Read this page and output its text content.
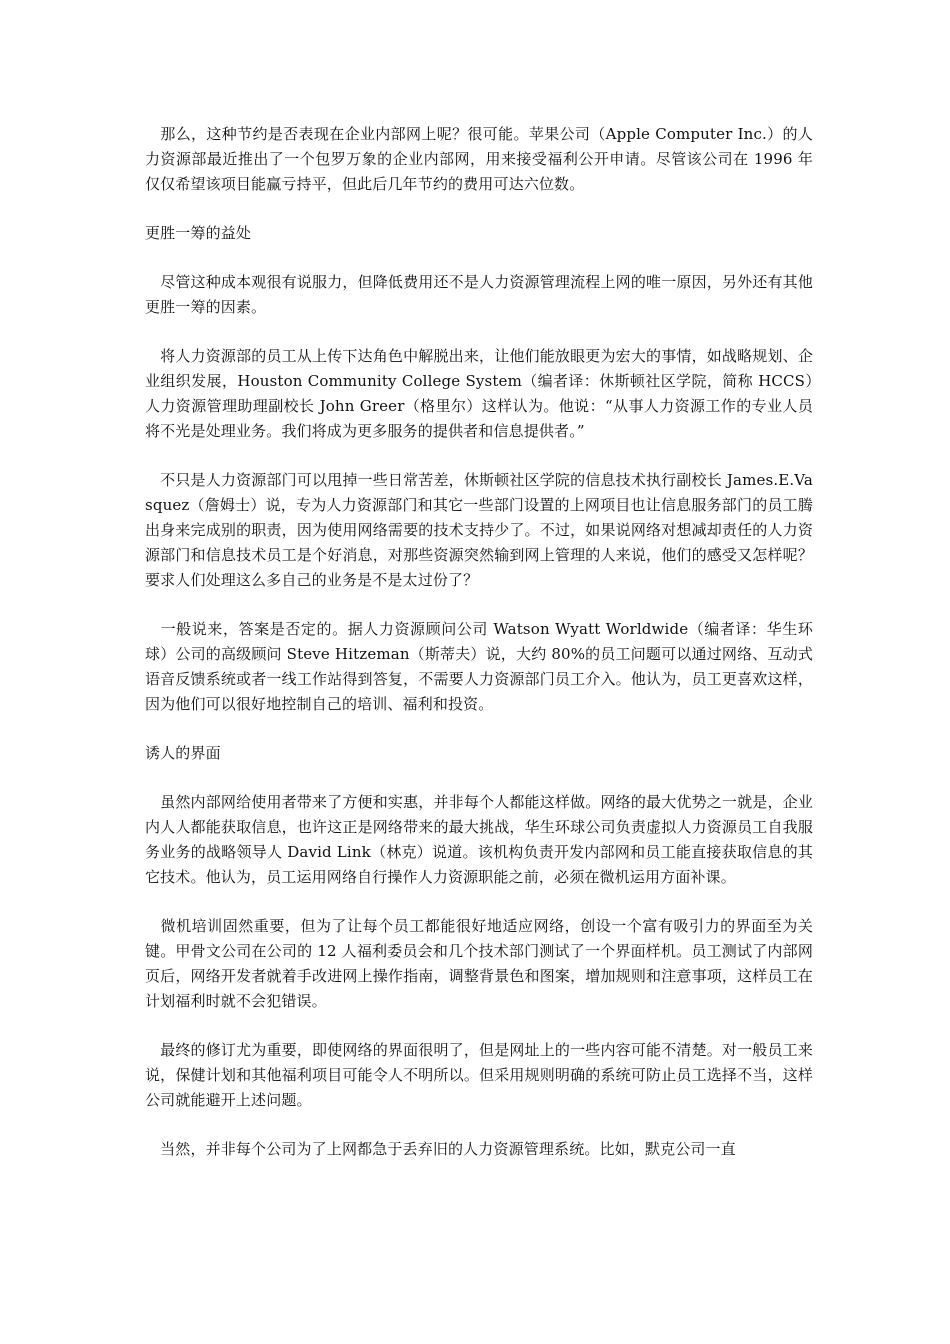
　那么，这种节约是否表现在企业内部网上呢？很可能。苹果公司（Apple Computer Inc.）的人力资源部最近推出了一个包罗万象的企业内部网，用来接受福利公开申请。尽管该公司在 1996 年仅仅希望该项目能赢亏持平，但此后几年节约的费用可达六位数。

更胜一筹的益处

　尽管这种成本观很有说服力，但降低费用还不是人力资源管理流程上网的唯一原因，另外还有其他更胜一筹的因素。

　将人力资源部的员工从上传下达角色中解脱出来，让他们能放眼更为宏大的事情，如战略规划、企业组织发展，Houston Community College System（编者译：休斯顿社区学院，简称 HCCS）人力资源管理助理副校长 John Greer（格里尔）这样认为。他说：“从事人力资源工作的专业人员将不光是处理业务。我们将成为更多服务的提供者和信息提供者。”

　不只是人力资源部门可以甩掉一些日常苦差，休斯顿社区学院的信息技术执行副校长 James.E.Vasquez（詹姆士）说，专为人力资源部门和其它一些部门设置的上网项目也让信息服务部门的员工腾出身来完成别的职责，因为使用网络需要的技术支持少了。不过，如果说网络对想减却责任的人力资源部门和信息技术员工是个好消息，对那些资源突然输到网上管理的人来说，他们的感受又怎样呢？要求人们处理这么多自己的业务是不是太过份了？

　一般说来，答案是否定的。据人力资源顾问公司 Watson Wyatt Worldwide（编者译：华生环球）公司的高级顾问 Steve Hitzeman（斯蒂夫）说，大约 80%的员工问题可以通过网络、互动式语音反馈系统或者一线工作站得到答复，不需要人力资源部门员工介入。他认为，员工更喜欢这样，因为他们可以很好地控制自己的培训、福利和投资。

诱人的界面

　虽然内部网给使用者带来了方便和实惠，并非每个人都能这样做。网络的最大优势之一就是，企业内人人都能获取信息，也许这正是网络带来的最大挑战，华生环球公司负责虚拟人力资源员工自我服务业务的战略领导人 David Link（林克）说道。该机构负责开发内部网和员工能直接获取信息的其它技术。他认为，员工运用网络自行操作人力资源职能之前，必须在微机运用方面补课。

　微机培训固然重要，但为了让每个员工都能很好地适应网络，创设一个富有吸引力的界面至为关键。甲骨文公司在公司的 12 人福利委员会和几个技术部门测试了一个界面样机。员工测试了内部网页后，网络开发者就着手改进网上操作指南，调整背景色和图案，增加规则和注意事项，这样员工在计划福利时就不会犯错误。

　最终的修订尤为重要，即使网络的界面很明了，但是网址上的一些内容可能不清楚。对一般员工来说，保健计划和其他福利项目可能令人不明所以。但采用规则明确的系统可防止员工选择不当，这样公司就能避开上述问题。

　当然，并非每个公司为了上网都急于丢弃旧的人力资源管理系统。比如，默克公司一直
